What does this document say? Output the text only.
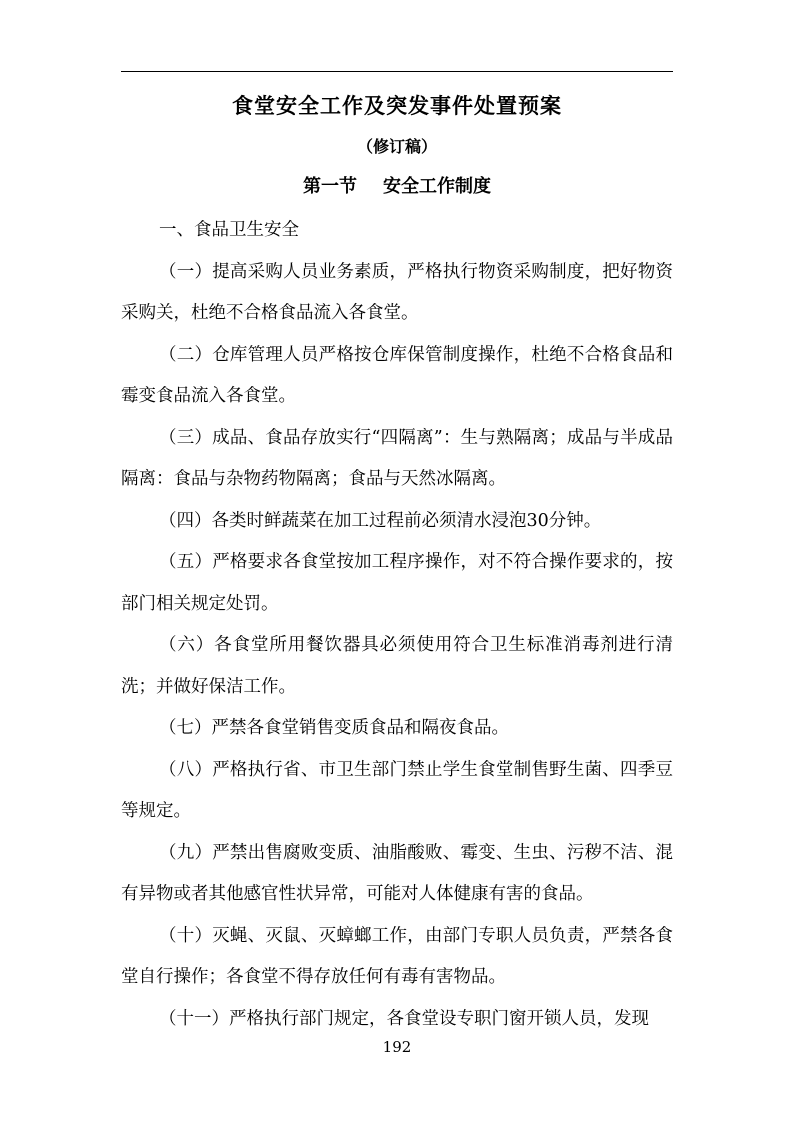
食堂安全工作及突发事件处置预案
（修订稿）
第一节 安全工作制度

一、食品卫生安全

（一）提高采购人员业务素质，严格执行物资采购制度，把好物资采购关，杜绝不合格食品流入各食堂。

（二）仓库管理人员严格按仓库保管制度操作，杜绝不合格食品和霉变食品流入各食堂。

（三）成品、食品存放实行“四隔离”：生与熟隔离；成品与半成品隔离：食品与杂物药物隔离；食品与天然冰隔离。

（四）各类时鲜蔬菜在加工过程前必须清水浸泡30分钟。

（五）严格要求各食堂按加工程序操作，对不符合操作要求的，按部门相关规定处罚。

（六）各食堂所用餐饮器具必须使用符合卫生标准消毒剂进行清洗；并做好保洁工作。

（七）严禁各食堂销售变质食品和隔夜食品。

（八）严格执行省、市卫生部门禁止学生食堂制售野生菌、四季豆等规定。

（九）严禁出售腐败变质、油脂酸败、霉变、生虫、污秽不洁、混有异物或者其他感官性状异常，可能对人体健康有害的食品。

（十）灭蝇、灭鼠、灭蟑螂工作，由部门专职人员负责，严禁各食堂自行操作；各食堂不得存放任何有毒有害物品。

（十一）严格执行部门规定，各食堂设专职门窗开锁人员，发现

192
